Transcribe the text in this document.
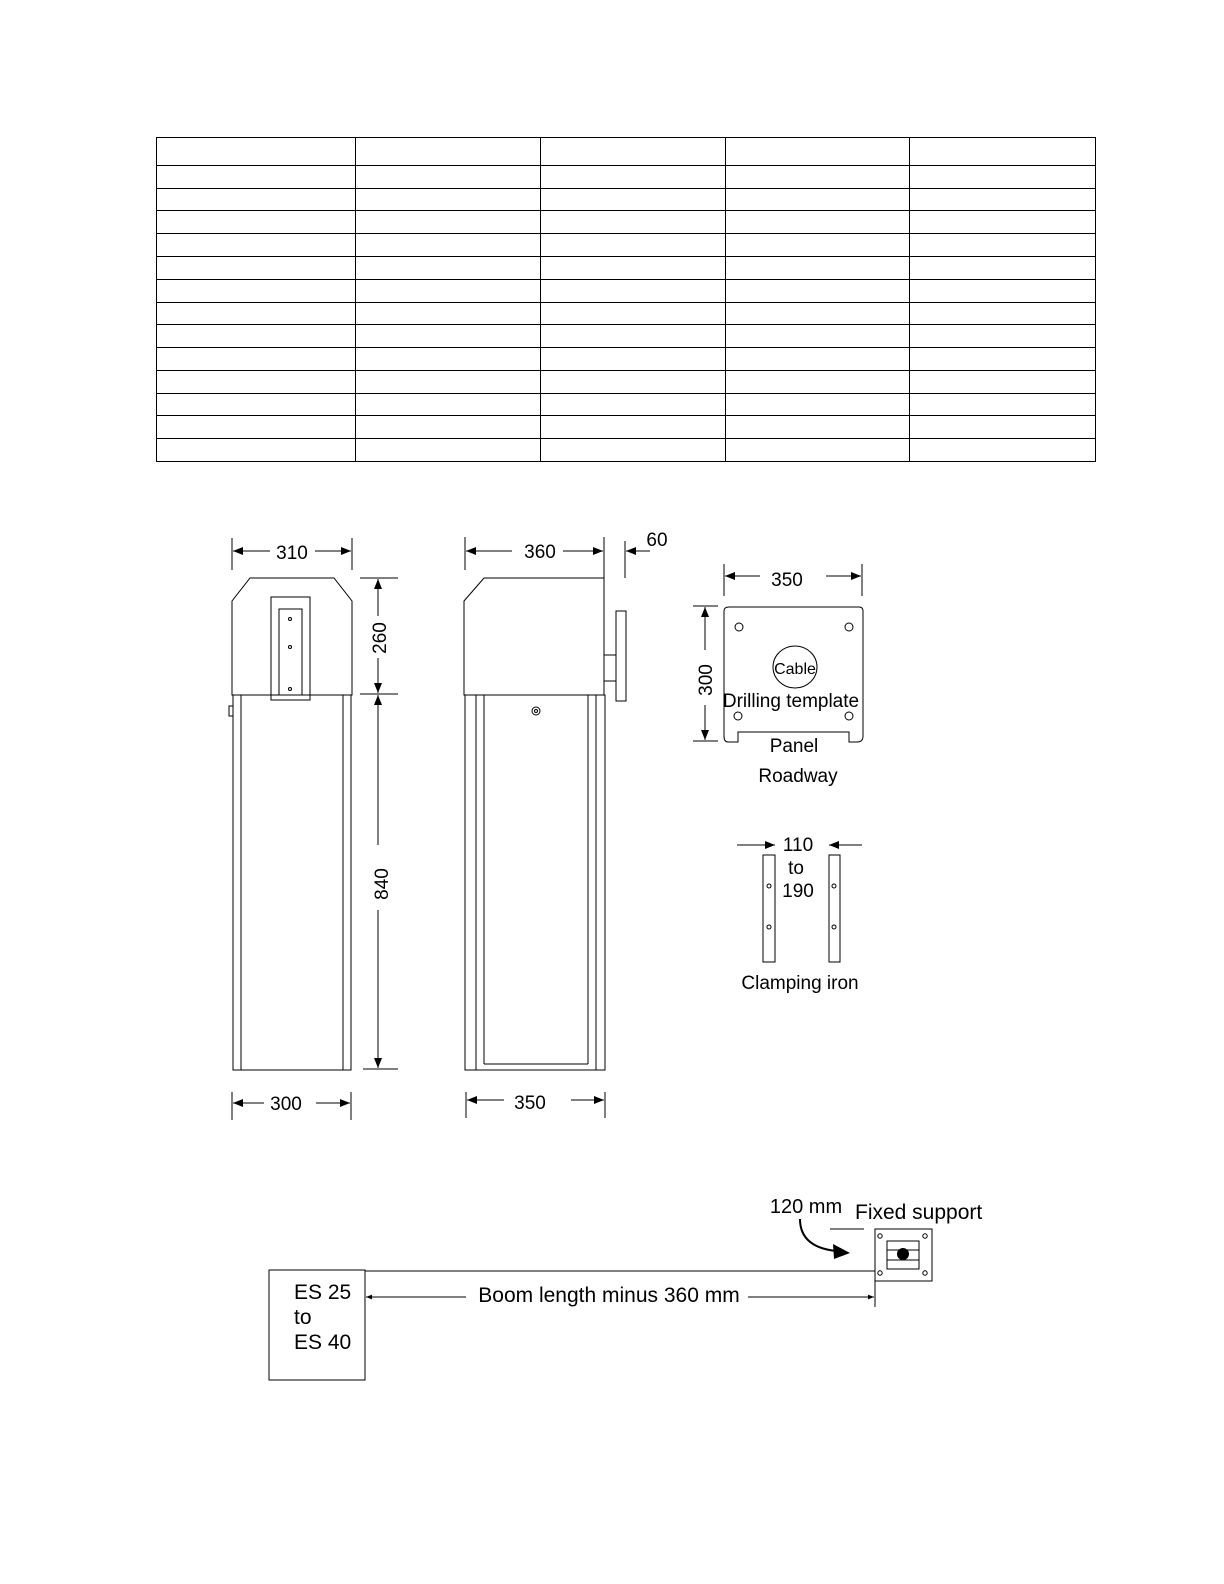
310
260
840
300
360
60
350
350
300	Cable
Drilling template
Panel
Roadway
110
to
190
Clamping iron
ES 25
to
ES 40
Boom length minus 360 mm
120 mm Fixed support
